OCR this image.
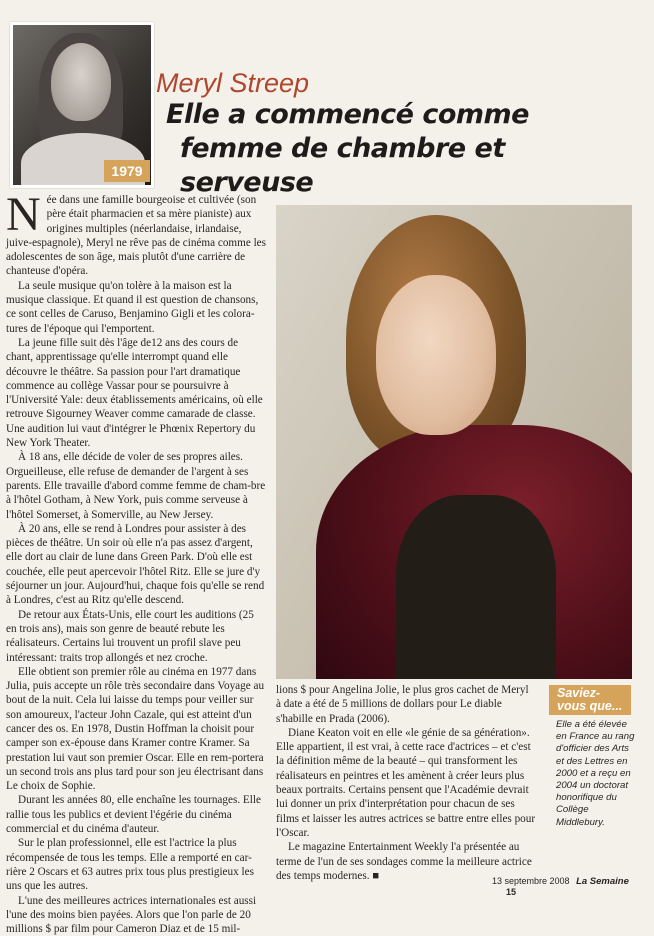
1979
Meryl Streep
Elle a commencé comme
femme de chambre et serveuse

Née dans une famille bourgeoise et cultivée (son père était pharmacien et sa mère pianiste) aux origines multiples (néerlandaise, irlandaise, juive-espagnole), Meryl ne rêve pas de cinéma comme les adolescentes de son âge, mais plutôt d'une carrière de chanteuse d'opéra.

La seule musique qu'on tolère à la maison est la musique classique. Et quand il est question de chansons, ce sont celles de Caruso, Benjamino Gigli et les colora-tures de l'époque qui l'emportent.

La jeune fille suit dès l'âge de12 ans des cours de chant, apprentissage qu'elle interrompt quand elle découvre le théâtre. Sa passion pour l'art dramatique commence au collège Vassar pour se poursuivre à l'Université Yale: deux établissements américains, où elle retrouve Sigourney Weaver comme camarade de classe. Une audition lui vaut d'intégrer le Phœnix Repertory du New York Theater.

À 18 ans, elle décide de voler de ses propres ailes. Orgueilleuse, elle refuse de demander de l'argent à ses parents. Elle travaille d'abord comme femme de cham-bre à l'hôtel Gotham, à New York, puis comme serveuse à l'hôtel Somerset, à Somerville, au New Jersey.

À 20 ans, elle se rend à Londres pour assister à des pièces de théâtre. Un soir où elle n'a pas assez d'argent, elle dort au clair de lune dans Green Park. D'où elle est couchée, elle peut apercevoir l'hôtel Ritz. Elle se jure d'y séjourner un jour. Aujourd'hui, chaque fois qu'elle se rend à Londres, c'est au Ritz qu'elle descend.

De retour aux États-Unis, elle court les auditions (25 en trois ans), mais son genre de beauté rebute les réalisateurs. Certains lui trouvent un profil slave peu intéressant: traits trop allongés et nez croche.

Elle obtient son premier rôle au cinéma en 1977 dans Julia, puis accepte un rôle très secondaire dans Voyage au bout de la nuit. Cela lui laisse du temps pour veiller sur son amoureux, l'acteur John Cazale, qui est atteint d'un cancer des os. En 1978, Dustin Hoffman la choisit pour camper son ex-épouse dans Kramer contre Kramer. Sa prestation lui vaut son premier Oscar. Elle en rem-portera un second trois ans plus tard pour son jeu électrisant dans Le choix de Sophie.

Durant les années 80, elle enchaîne les tournages. Elle rallie tous les publics et devient l'égérie du cinéma commercial et du cinéma d'auteur.

Sur le plan professionnel, elle est l'actrice la plus récompensée de tous les temps. Elle a remporté en car-rière 2 Oscars et 63 autres prix tous plus prestigieux les uns que les autres.

L'une des meilleures actrices internationales est aussi l'une des moins bien payées. Alors que l'on parle de 20 millions $ par film pour Cameron Diaz et de 15 mil-

lions $ pour Angelina Jolie, le plus gros cachet de Meryl à date a été de 5 millions de dollars pour Le diable s'habille en Prada (2006).

Diane Keaton voit en elle «le génie de sa génération». Elle appartient, il est vrai, à cette race d'actrices – et c'est la définition même de la beauté – qui transforment les réalisateurs en peintres et les amènent à créer leurs plus beaux portraits. Certains pensent que l'Académie devrait lui donner un prix d'interprétation pour chacun de ses films et laisser les autres actrices se battre entre elles pour l'Oscar.

Le magazine Entertainment Weekly l'a présentée au terme de l'un de ses sondages comme la meilleure actrice des temps modernes. ■

Saviez-
vous que...
Elle a été élevée en France au rang d'officier des Arts et des Lettres en 2000 et a reçu en 2004 un doctorat honorifique du Collège Middlebury.
13 septembre 2008 La Semaine 15
